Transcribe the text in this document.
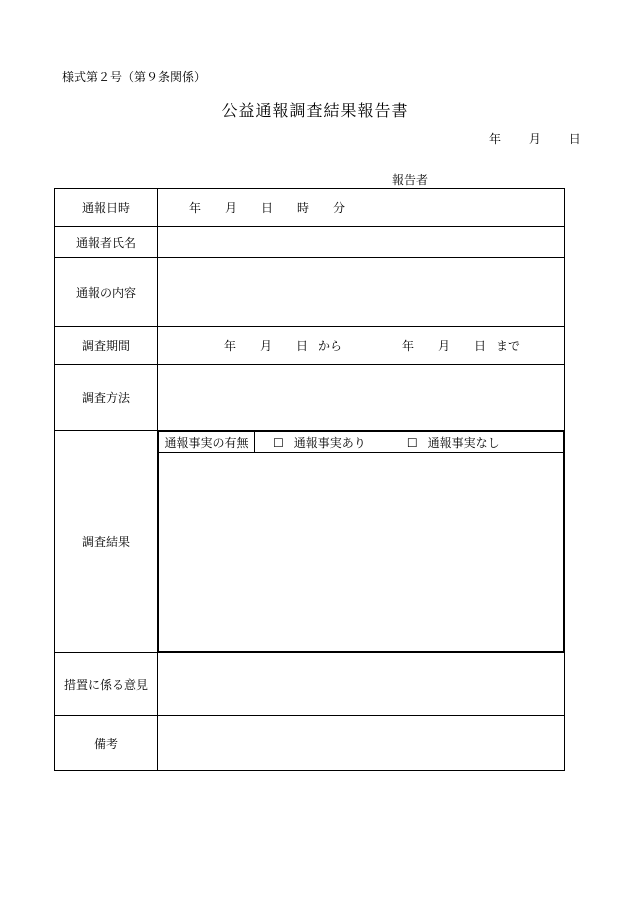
様式第２号（第９条関係）
公益通報調査結果報告書
年 月 日
報告者
通報日時	年	月	日	時	分

通報者氏名	
通報の内容	
調査期間	年	月	日 から	年	月	日 まで

調査方法	
調査結果	
通報事実の有無	☐ 通報事実あり	☐ 通報事実なし

措置に係る意見	
備考	
